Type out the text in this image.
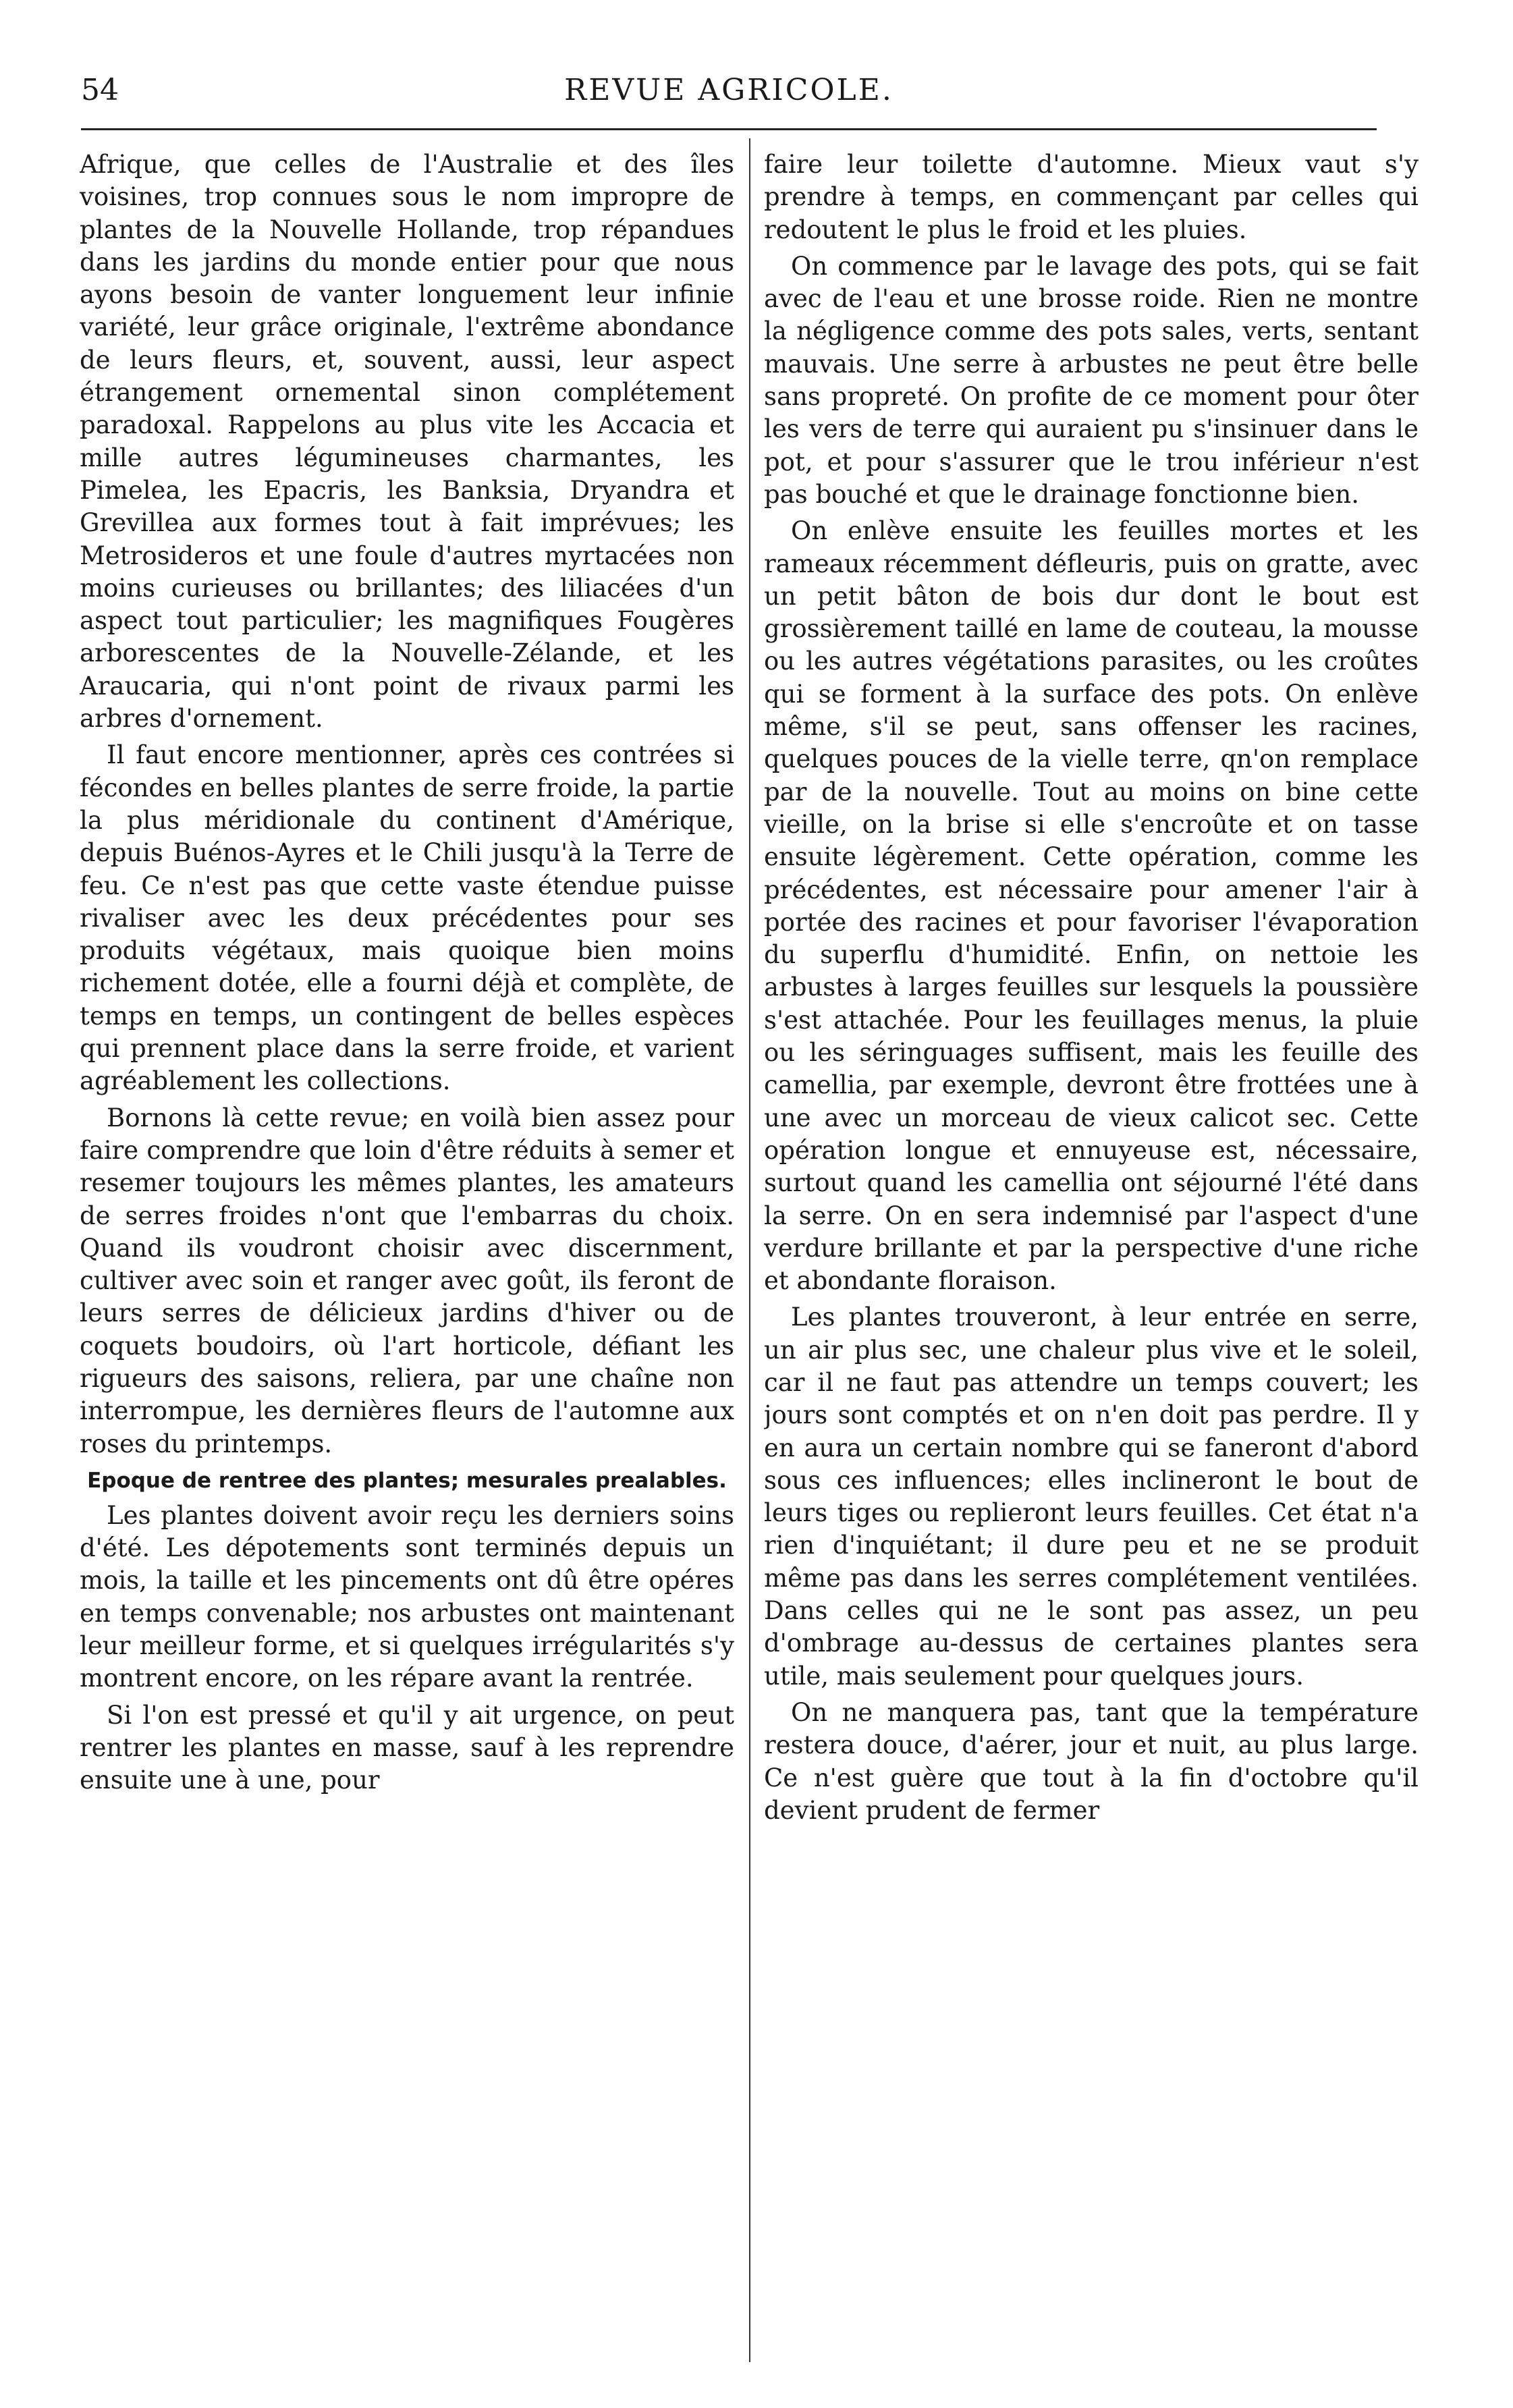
54	REVUE AGRICOLE.

Afrique, que celles de l'Australie et des îles voisines, trop connues sous le nom impropre de plantes de la Nouvelle Hollande, trop répandues dans les jardins du monde entier pour que nous ayons besoin de vanter longuement leur infinie variété, leur grâce originale, l'extrême abondance de leurs fleurs, et, souvent, aussi, leur aspect étrangement ornemental sinon complétement paradoxal. Rappelons au plus vite les Accacia et mille autres légumineuses charmantes, les Pimelea, les Epacris, les Banksia, Dryandra et Grevillea aux formes tout à fait imprévues; les Metrosideros et une foule d'autres myrtacées non moins curieuses ou brillantes; des liliacées d'un aspect tout particulier; les magnifiques Fougères arborescentes de la Nouvelle-Zélande, et les Araucaria, qui n'ont point de rivaux parmi les arbres d'ornement.

Il faut encore mentionner, après ces contrées si fécondes en belles plantes de serre froide, la partie la plus méridionale du continent d'Amérique, depuis Buénos-Ayres et le Chili jusqu'à la Terre de feu. Ce n'est pas que cette vaste étendue puisse rivaliser avec les deux précédentes pour ses produits végétaux, mais quoique bien moins richement dotée, elle a fourni déjà et complète, de temps en temps, un contingent de belles espèces qui prennent place dans la serre froide, et varient agréablement les collections.

Bornons là cette revue; en voilà bien assez pour faire comprendre que loin d'être réduits à semer et resemer toujours les mêmes plantes, les amateurs de serres froides n'ont que l'embarras du choix. Quand ils voudront choisir avec discernment, cultiver avec soin et ranger avec goût, ils feront de leurs serres de délicieux jardins d'hiver ou de coquets boudoirs, où l'art horticole, défiant les rigueurs des saisons, reliera, par une chaîne non interrompue, les dernières fleurs de l'automne aux roses du printemps.

Epoque de rentree des plantes; mesurales prealables.

Les plantes doivent avoir reçu les derniers soins d'été. Les dépotements sont terminés depuis un mois, la taille et les pincements ont dû être opéres en temps convenable; nos arbustes ont maintenant leur meilleur forme, et si quelques irrégularités s'y montrent encore, on les répare avant la rentrée.

Si l'on est pressé et qu'il y ait urgence, on peut rentrer les plantes en masse, sauf à les reprendre ensuite une à une, pour

faire leur toilette d'automne. Mieux vaut s'y prendre à temps, en commençant par celles qui redoutent le plus le froid et les pluies.

On commence par le lavage des pots, qui se fait avec de l'eau et une brosse roide. Rien ne montre la négligence comme des pots sales, verts, sentant mauvais. Une serre à arbustes ne peut être belle sans propreté. On profite de ce moment pour ôter les vers de terre qui auraient pu s'insinuer dans le pot, et pour s'assurer que le trou inférieur n'est pas bouché et que le drainage fonctionne bien.

On enlève ensuite les feuilles mortes et les rameaux récemment défleuris, puis on gratte, avec un petit bâton de bois dur dont le bout est grossièrement taillé en lame de couteau, la mousse ou les autres végétations parasites, ou les croûtes qui se forment à la surface des pots. On enlève même, s'il se peut, sans offenser les racines, quelques pouces de la vielle terre, qn'on remplace par de la nouvelle. Tout au moins on bine cette vieille, on la brise si elle s'encroûte et on tasse ensuite légèrement. Cette opération, comme les précédentes, est nécessaire pour amener l'air à portée des racines et pour favoriser l'évaporation du superflu d'humidité. Enfin, on nettoie les arbustes à larges feuilles sur lesquels la poussière s'est attachée. Pour les feuillages menus, la pluie ou les séringuages suffisent, mais les feuille des camellia, par exemple, devront être frottées une à une avec un morceau de vieux calicot sec. Cette opération longue et ennuyeuse est, nécessaire, surtout quand les camellia ont séjourné l'été dans la serre. On en sera indemnisé par l'aspect d'une verdure brillante et par la perspective d'une riche et abondante floraison.

Les plantes trouveront, à leur entrée en serre, un air plus sec, une chaleur plus vive et le soleil, car il ne faut pas attendre un temps couvert; les jours sont comptés et on n'en doit pas perdre. Il y en aura un certain nombre qui se faneront d'abord sous ces influences; elles inclineront le bout de leurs tiges ou replieront leurs feuilles. Cet état n'a rien d'inquiétant; il dure peu et ne se produit même pas dans les serres complétement ventilées. Dans celles qui ne le sont pas assez, un peu d'ombrage au-dessus de certaines plantes sera utile, mais seulement pour quelques jours.

On ne manquera pas, tant que la température restera douce, d'aérer, jour et nuit, au plus large. Ce n'est guère que tout à la fin d'octobre qu'il devient prudent de fermer
